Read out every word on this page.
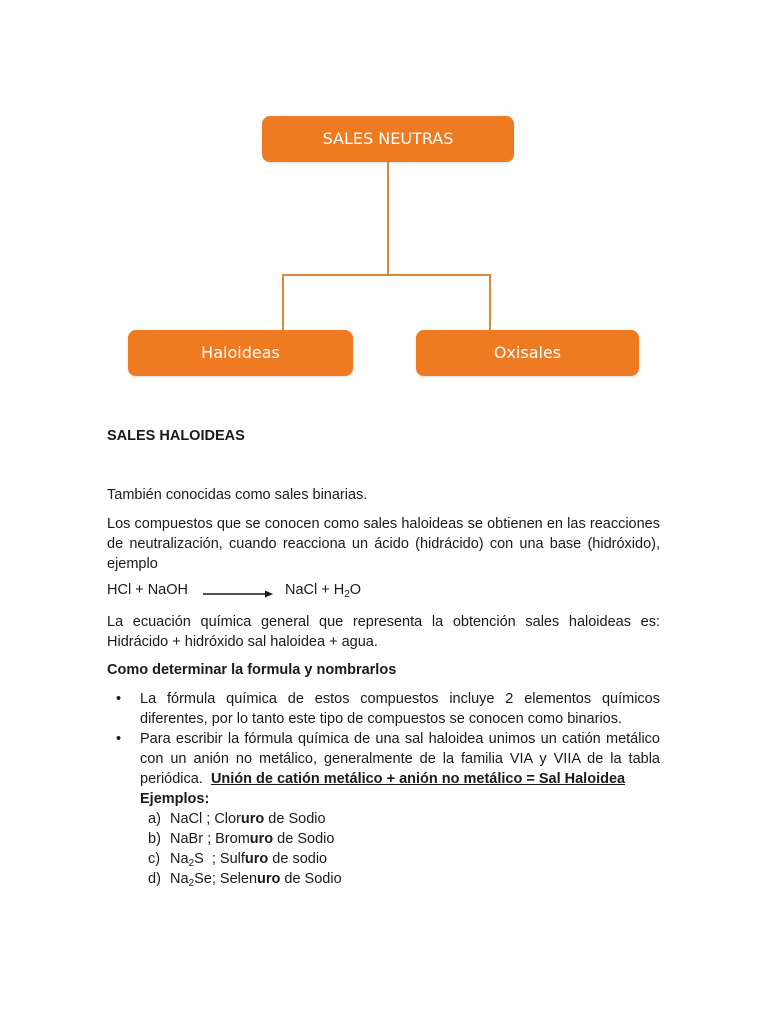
SALES NEUTRAS
Haloideas	Oxisales
SALES HALOIDEAS
También conocidas como sales binarias.
Los compuestos que se conocen como sales haloideas se obtienen en las reacciones de neutralización, cuando reacciona un ácido (hidrácido) con una base (hidróxido), ejemplo
HCl + NaOH	NaCl + $H_2O$
La ecuación química general que representa la obtención sales haloideas es: Hidrácido + hidróxido sal haloidea + agua.
Como determinar la formula y nombrarlos
• La fórmula química de estos compuestos incluye 2 elementos químicos diferentes, por lo tanto este tipo de compuestos se conocen como binarios.
• Para escribir la fórmula química de una sal haloidea unimos un catión metálico con un anión no metálico, generalmente de la familia VIA y VIIA de la tabla periódica. Unión de catión metálico + anión no metálico = Sal Haloidea
Ejemplos:
a) NaCl ; Cloruro de Sodio
b) NaBr ; Bromuro de Sodio
c) $Na_2S$  ; Sulfuro de sodio
d) $Na_2Se$; Selenuro de Sodio
